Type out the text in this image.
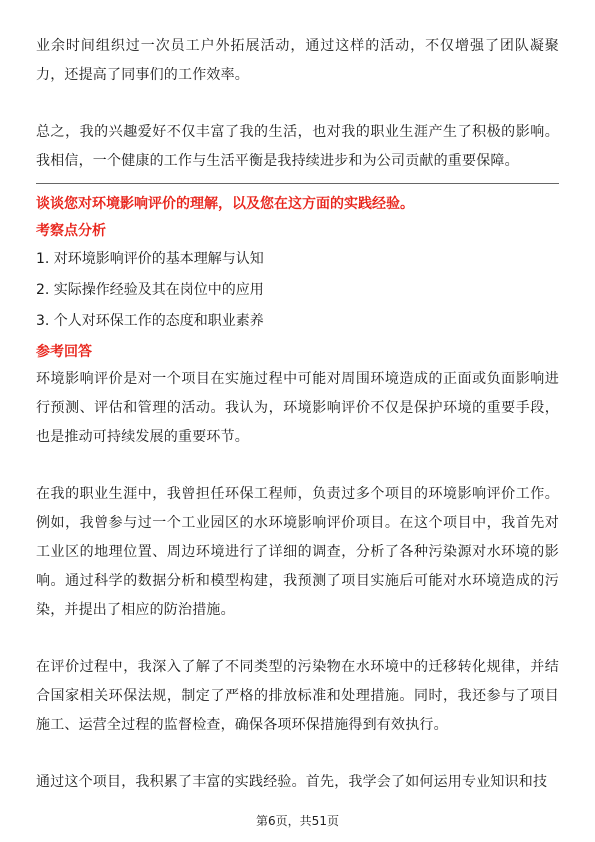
业余时间组织过一次员工户外拓展活动，通过这样的活动，不仅增强了团队凝聚力，还提高了同事们的工作效率。

总之，我的兴趣爱好不仅丰富了我的生活，也对我的职业生涯产生了积极的影响。我相信，一个健康的工作与生活平衡是我持续进步和为公司贡献的重要保障。

谈谈您对环境影响评价的理解，以及您在这方面的实践经验。

考察点分析

1. 对环境影响评价的基本理解与认知

2. 实际操作经验及其在岗位中的应用

3. 个人对环保工作的态度和职业素养

参考回答

环境影响评价是对一个项目在实施过程中可能对周围环境造成的正面或负面影响进行预测、评估和管理的活动。我认为，环境影响评价不仅是保护环境的重要手段，也是推动可持续发展的重要环节。

在我的职业生涯中，我曾担任环保工程师，负责过多个项目的环境影响评价工作。例如，我曾参与过一个工业园区的水环境影响评价项目。在这个项目中，我首先对工业区的地理位置、周边环境进行了详细的调查，分析了各种污染源对水环境的影响。通过科学的数据分析和模型构建，我预测了项目实施后可能对水环境造成的污染，并提出了相应的防治措施。

在评价过程中，我深入了解了不同类型的污染物在水环境中的迁移转化规律，并结合国家相关环保法规，制定了严格的排放标准和处理措施。同时，我还参与了项目施工、运营全过程的监督检查，确保各项环保措施得到有效执行。

通过这个项目，我积累了丰富的实践经验。首先，我学会了如何运用专业知识和技

第6页，共51页
